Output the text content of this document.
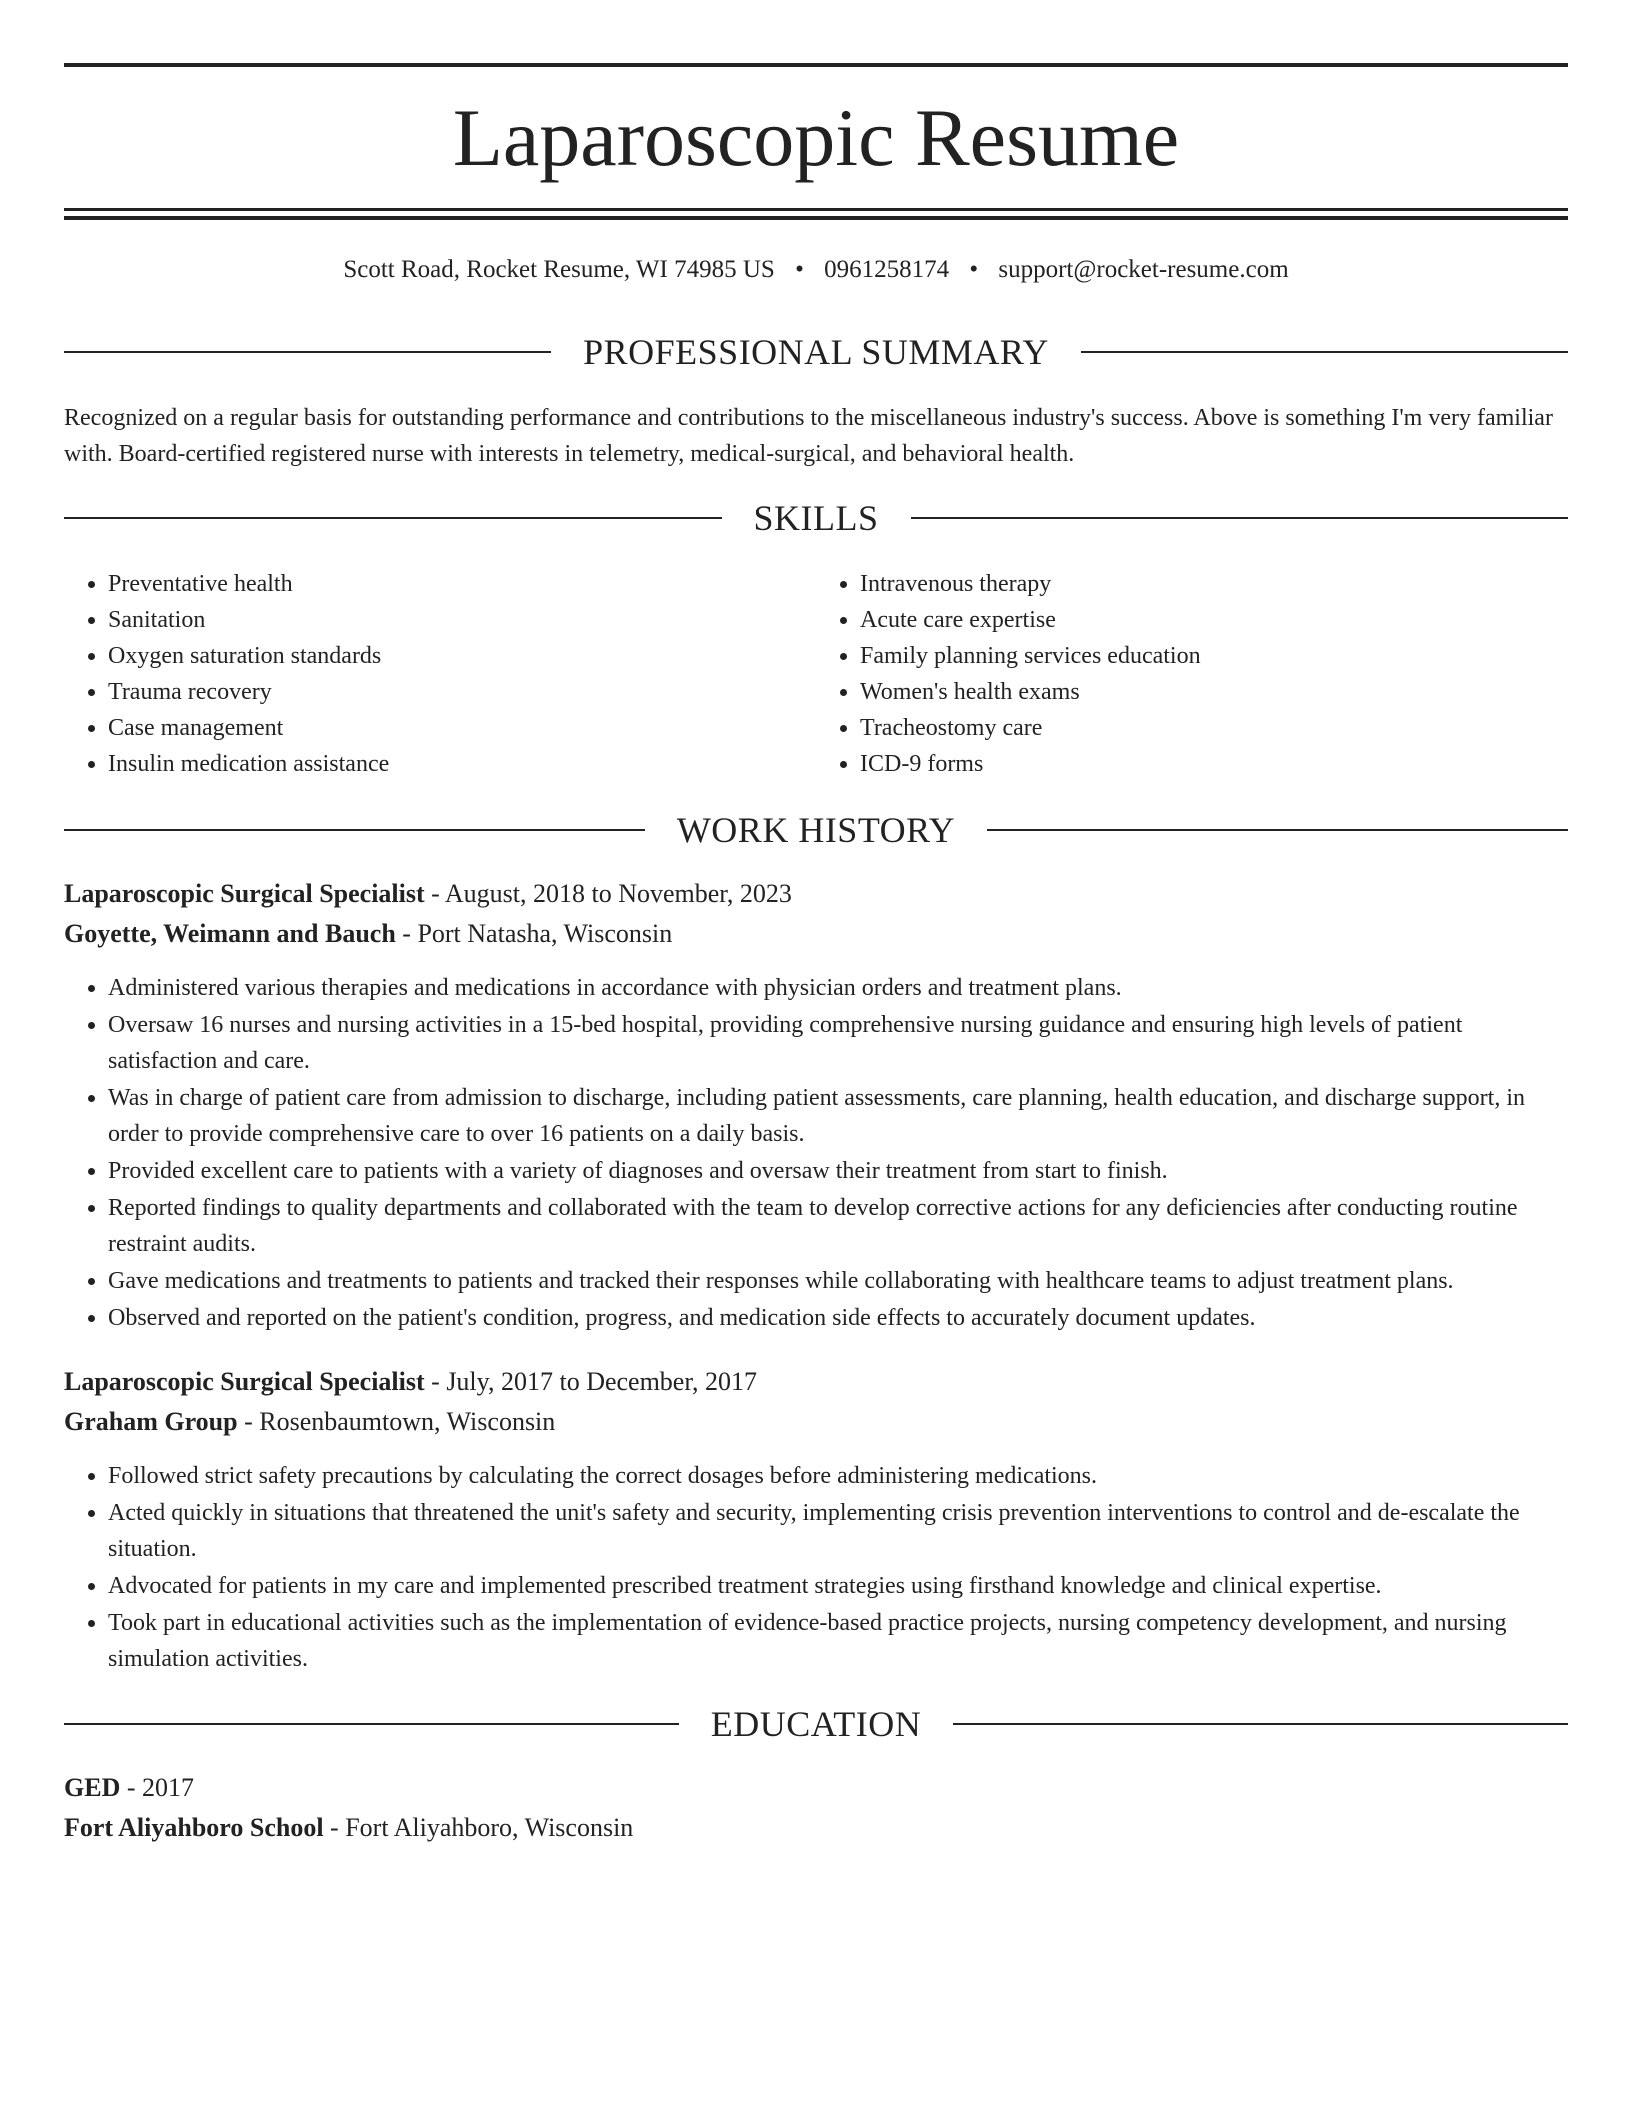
Laparoscopic Resume
Scott Road, Rocket Resume, WI 74985 US • 0961258174 • support@rocket-resume.com
PROFESSIONAL SUMMARY

Recognized on a regular basis for outstanding performance and contributions to the miscellaneous industry's success. Above is something I'm very familiar with. Board-certified registered nurse with interests in telemetry, medical-surgical, and behavioral health.

SKILLS
• Preventative health
• Sanitation
• Oxygen saturation standards
• Trauma recovery
• Case management
• Insulin medication assistance
• Intravenous therapy
• Acute care expertise
• Family planning services education
• Women's health exams
• Tracheostomy care
• ICD-9 forms
WORK HISTORY

Laparoscopic Surgical Specialist - August, 2018 to November, 2023

Goyette, Weimann and Bauch - Port Natasha, Wisconsin

• Administered various therapies and medications in accordance with physician orders and treatment plans.
• Oversaw 16 nurses and nursing activities in a 15-bed hospital, providing comprehensive nursing guidance and ensuring high levels of patient satisfaction and care.
• Was in charge of patient care from admission to discharge, including patient assessments, care planning, health education, and discharge support, in order to provide comprehensive care to over 16 patients on a daily basis.
• Provided excellent care to patients with a variety of diagnoses and oversaw their treatment from start to finish.
• Reported findings to quality departments and collaborated with the team to develop corrective actions for any deficiencies after conducting routine restraint audits.
• Gave medications and treatments to patients and tracked their responses while collaborating with healthcare teams to adjust treatment plans.
• Observed and reported on the patient's condition, progress, and medication side effects to accurately document updates.

Laparoscopic Surgical Specialist - July, 2017 to December, 2017

Graham Group - Rosenbaumtown, Wisconsin

• Followed strict safety precautions by calculating the correct dosages before administering medications.
• Acted quickly in situations that threatened the unit's safety and security, implementing crisis prevention interventions to control and de-escalate the situation.
• Advocated for patients in my care and implemented prescribed treatment strategies using firsthand knowledge and clinical expertise.
• Took part in educational activities such as the implementation of evidence-based practice projects, nursing competency development, and nursing simulation activities.
EDUCATION

GED - 2017

Fort Aliyahboro School - Fort Aliyahboro, Wisconsin
